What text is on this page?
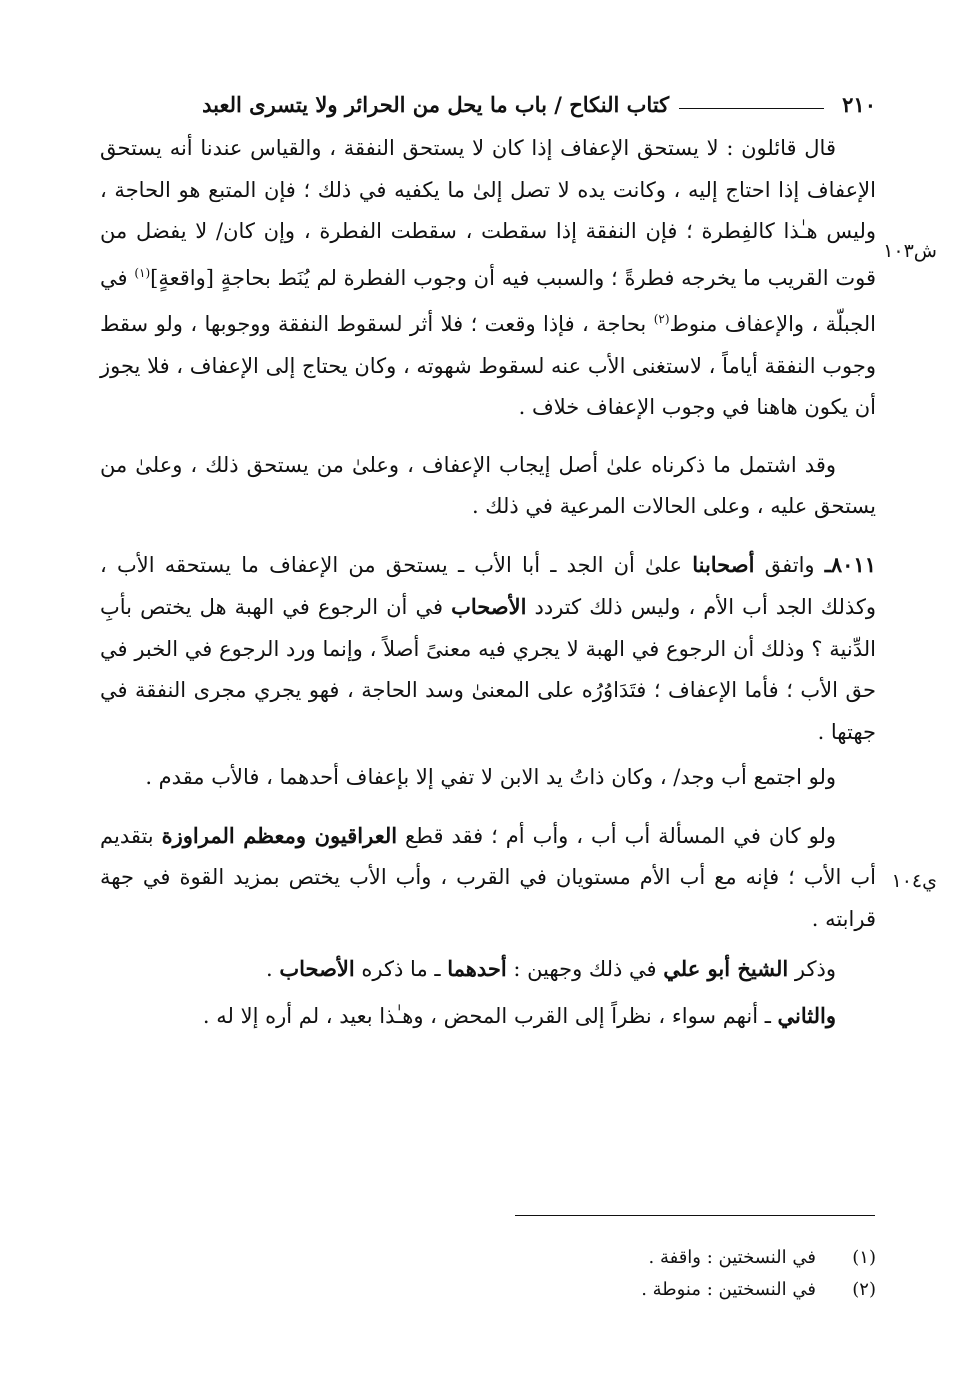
٢١٠
كتاب النكاح / باب ما يحل من الحرائر ولا يتسرى العبد
ش١٠٣
ي١٠٤

قال قائلون : لا يستحق الإعفاف إذا كان لا يستحق النفقة ، والقياس عندنا أنه يستحق الإعفاف إذا احتاج إليه ، وكانت يده لا تصل إلىٰ ما يكفيه في ذلك ؛ فإن المتبع هو الحاجة ، وليس هـٰذا كالفِطرة ؛ فإن النفقة إذا سقطت ، سقطت الفطرة ، وإن كان/ لا يفضل من قوت القريب ما يخرجه فطرةً ؛ والسبب فيه أن وجوب الفطرة لم يُنَط بحاجةٍ [واقعةٍ]$^{(١)}$ في الجبلّة ، والإعفاف منوط$^{(٢)}$ بحاجة ، فإذا وقعت ؛ فلا أثر لسقوط النفقة ووجوبها ، ولو سقط وجوب النفقة أياماً ، لاستغنى الأب عنه لسقوط شهوته ، وكان يحتاج إلى الإعفاف ، فلا يجوز أن يكون هاهنا في وجوب الإعفاف خلاف .

وقد اشتمل ما ذكرناه علىٰ أصل إيجاب الإعفاف ، وعلىٰ من يستحق ذلك ، وعلىٰ من يستحق عليه ، وعلى الحالات المرعية في ذلك .

٨٠١١ـ واتفق أصحابنا علىٰ أن الجد ـ أبا الأب ـ يستحق من الإعفاف ما يستحقه الأب ، وكذلك الجد أب الأم ، وليس ذلك كتردد الأصحاب في أن الرجوع في الهبة هل يختص بأبِ الدِّنية ؟ وذلك أن الرجوع في الهبة لا يجري فيه معنىً أصلاً ، وإنما ورد الرجوع في الخبر في حق الأب ؛ فأما الإعفاف ؛ فتَدَاوُرُه على المعنىٰ وسد الحاجة ، فهو يجري مجرى النفقة في جهتها .

ولو اجتمع أب وجد/ ، وكان ذاتُ يد الابن لا تفي إلا بإعفاف أحدهما ، فالأب مقدم .

ولو كان في المسألة أب أب ، وأب أم ؛ فقد قطع العراقيون ومعظم المراوزة بتقديم أب الأب ؛ فإنه مع أب الأم مستويان في القرب ، وأب الأب يختص بمزيد القوة في جهة قرابته .

وذكر الشيخ أبو علي في ذلك وجهين : أحدهما ـ ما ذكره الأصحاب .

والثاني ـ أنهم سواء ، نظراً إلى القرب المحض ، وهـٰذا بعيد ، لم أره إلا له .

(١)
في النسختين : واقفة .
(٢)
في النسختين : منوطة .
